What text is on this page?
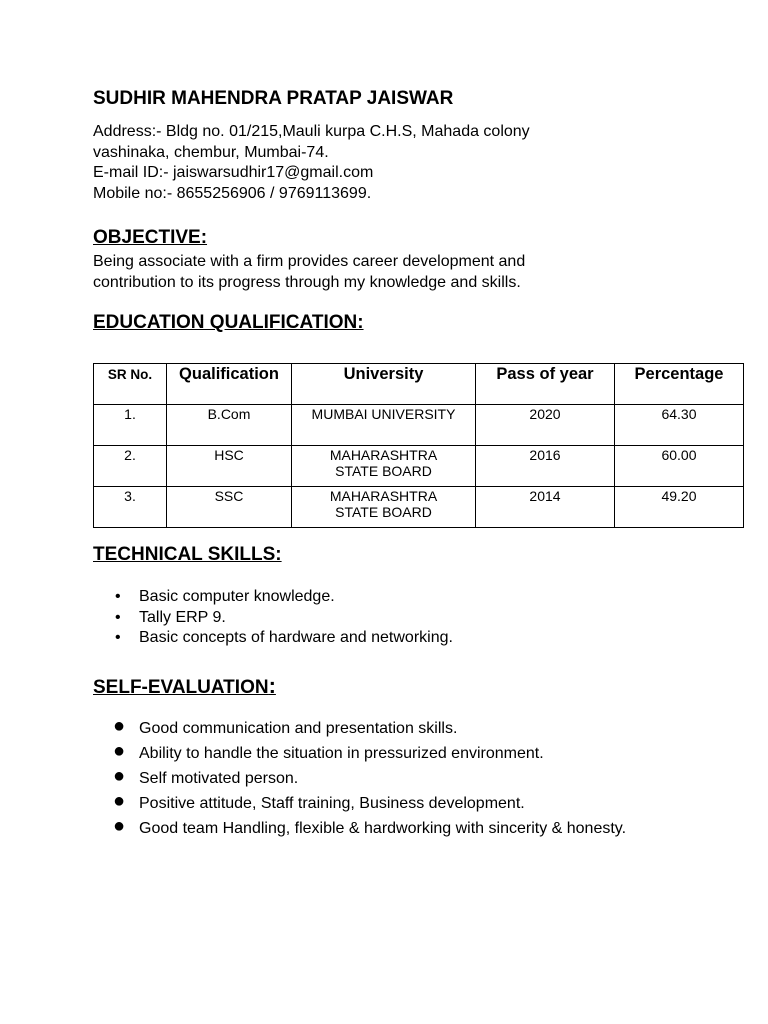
SUDHIR MAHENDRA PRATAP JAISWAR
Address:- Bldg no. 01/215,Mauli kurpa C.H.S, Mahada colony
vashinaka, chembur, Mumbai-74.
E-mail ID:- jaiswarsudhir17@gmail.com
Mobile no:- 8655256906 / 9769113699.
OBJECTIVE:
Being associate with a firm provides career development and
contribution to its progress through my knowledge and skills.
EDUCATION QUALIFICATION:
SR No.	Qualification	University	Pass of year	Percentage
1.	B.Com	MUMBAI UNIVERSITY	2020	64.30
2.	HSC	MAHARASHTRA
STATE BOARD	2016	60.00
3.	SSC	MAHARASHTRA
STATE BOARD	2014	49.20
TECHNICAL SKILLS:
• Basic computer knowledge.
• Tally ERP 9.
• Basic concepts of hardware and networking.
SELF-EVALUATION:
● Good communication and presentation skills.
● Ability to handle the situation in pressurized environment.
● Self motivated person.
● Positive attitude, Staff training, Business development.
● Good team Handling, flexible & hardworking with sincerity & honesty.
